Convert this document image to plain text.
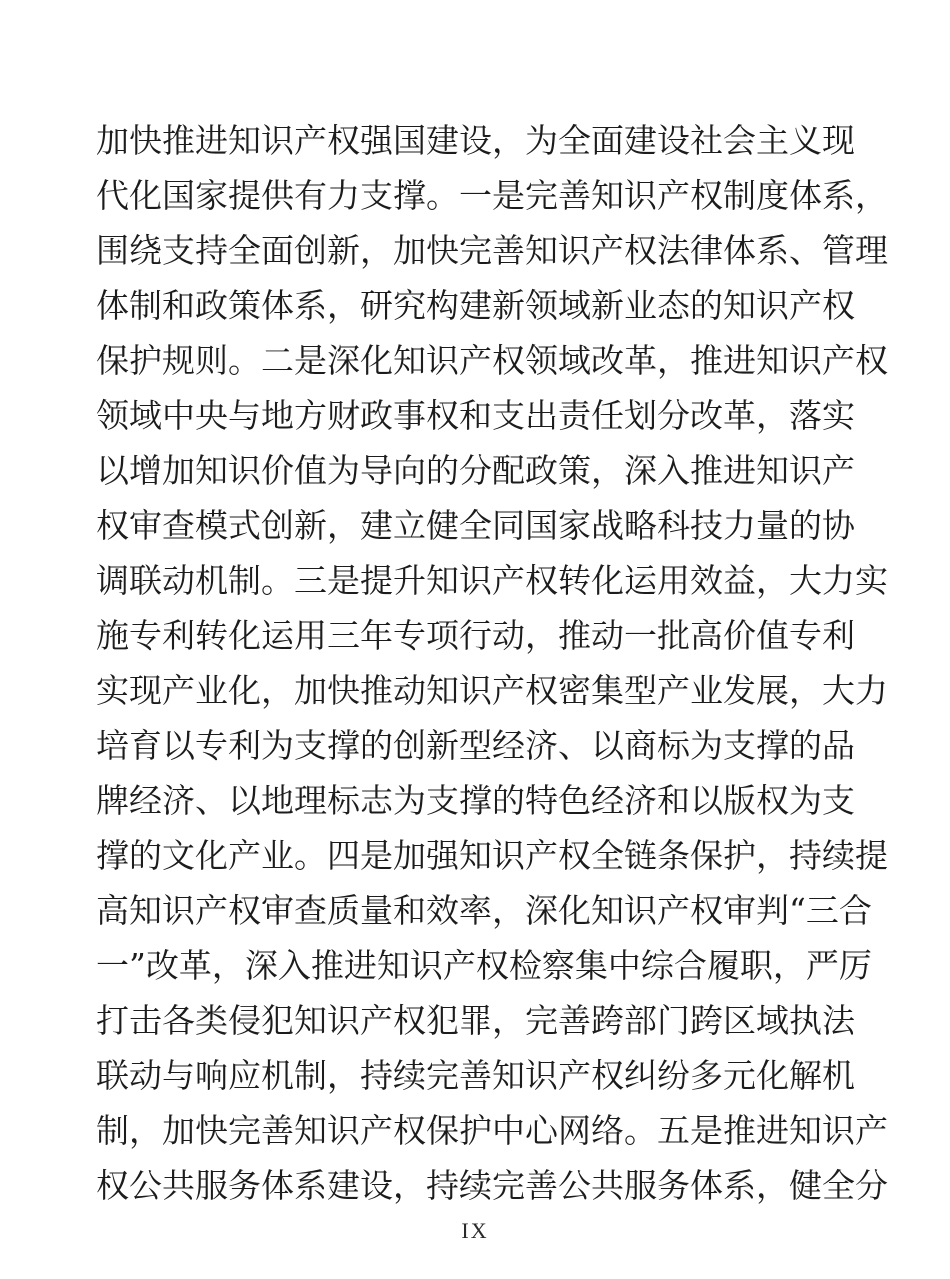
加快推进知识产权强国建设，为全面建设社会主义现
代化国家提供有力支撑。一是完善知识产权制度体系，
围绕支持全面创新，加快完善知识产权法律体系、管理
体制和政策体系，研究构建新领域新业态的知识产权
保护规则。二是深化知识产权领域改革，推进知识产权
领域中央与地方财政事权和支出责任划分改革，落实
以增加知识价值为导向的分配政策，深入推进知识产
权审查模式创新，建立健全同国家战略科技力量的协
调联动机制。三是提升知识产权转化运用效益，大力实
施专利转化运用三年专项行动，推动一批高价值专利
实现产业化，加快推动知识产权密集型产业发展，大力
培育以专利为支撑的创新型经济、以商标为支撑的品
牌经济、以地理标志为支撑的特色经济和以版权为支
撑的文化产业。四是加强知识产权全链条保护，持续提
高知识产权审查质量和效率，深化知识产权审判“三合
一”改革，深入推进知识产权检察集中综合履职，严厉
打击各类侵犯知识产权犯罪，完善跨部门跨区域执法
联动与响应机制，持续完善知识产权纠纷多元化解机
制，加快完善知识产权保护中心网络。五是推进知识产
权公共服务体系建设，持续完善公共服务体系，健全分
IX
